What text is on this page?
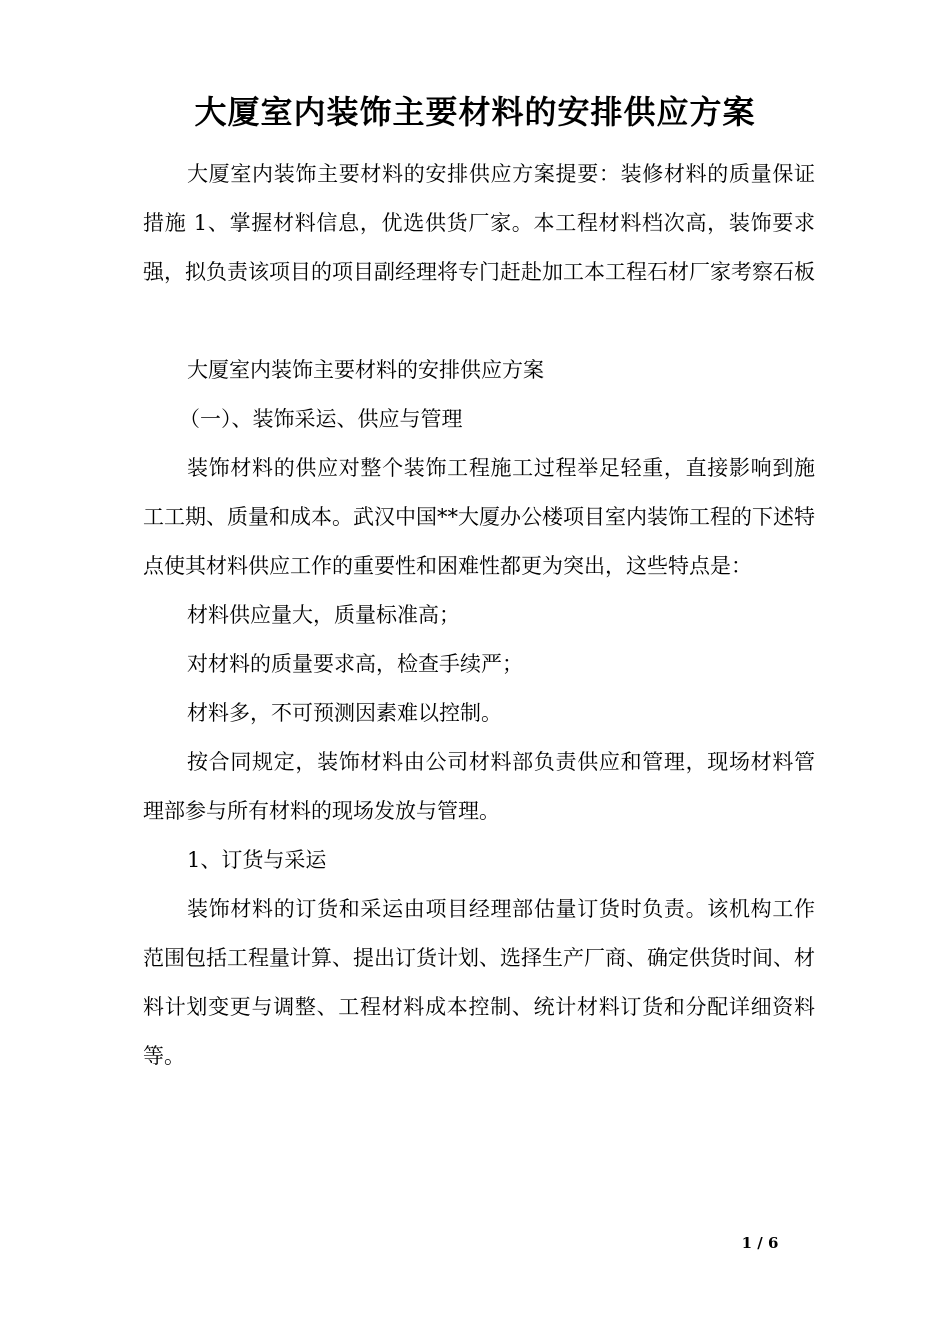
大厦室内装饰主要材料的安排供应方案

大厦室内装饰主要材料的安排供应方案提要：装修材料的质量保证措施 1、掌握材料信息，优选供货厂家。本工程材料档次高，装饰要求强，拟负责该项目的项目副经理将专门赶赴加工本工程石材厂家考察石板

大厦室内装饰主要材料的安排供应方案

（一）、装饰采运、供应与管理

装饰材料的供应对整个装饰工程施工过程举足轻重，直接影响到施工工期、质量和成本。武汉中国**大厦办公楼项目室内装饰工程的下述特点使其材料供应工作的重要性和困难性都更为突出，这些特点是：

材料供应量大，质量标准高；

对材料的质量要求高，检查手续严；

材料多，不可预测因素难以控制。

按合同规定，装饰材料由公司材料部负责供应和管理，现场材料管理部参与所有材料的现场发放与管理。

1、订货与采运

装饰材料的订货和采运由项目经理部估量订货时负责。该机构工作范围包括工程量计算、提出订货计划、选择生产厂商、确定供货时间、材料计划变更与调整、工程材料成本控制、统计材料订货和分配详细资料等。

1 / 6
